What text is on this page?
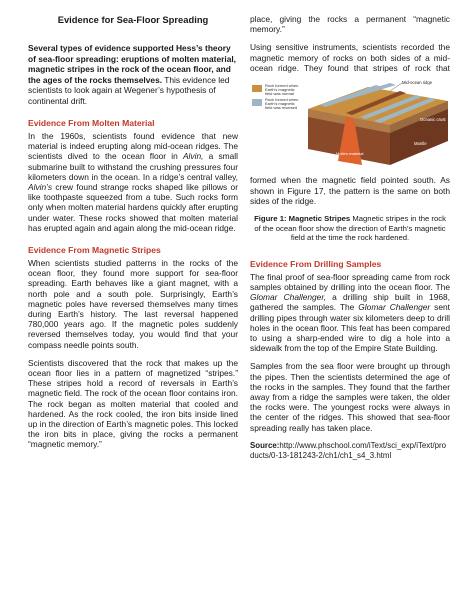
Evidence for Sea-Floor Spreading
Several types of evidence supported Hess’s theory of sea-floor spreading: eruptions of molten material, magnetic stripes in the rock of the ocean floor, and the ages of the rocks themselves. This evidence led scientists to look again at Wegener’s hypothesis of continental drift.
Evidence From Molten Material

In the 1960s, scientists found evidence that new material is indeed erupting along mid-ocean ridges. The scientists dived to the ocean floor in Alvin, a small submarine built to withstand the crushing pressures four kilometers down in the ocean. In a ridge’s central valley, Alvin’s crew found strange rocks shaped like pillows or like toothpaste squeezed from a tube. Such rocks form only when molten material hardens quickly after erupting under water. These rocks showed that molten material has erupted again and again along the mid-ocean ridge.

Evidence From Magnetic Stripes

When scientists studied patterns in the rocks of the ocean floor, they found more support for sea-floor spreading. Earth behaves like a giant magnet, with a north pole and a south pole. Surprisingly, Earth’s magnetic poles have reversed themselves many times during Earth’s history. The last reversal happened 780,000 years ago. If the magnetic poles suddenly reversed themselves today, you would find that your compass needle points south.

Scientists discovered that the rock that makes up the ocean floor lies in a pattern of magnetized “stripes.” These stripes hold a record of reversals in Earth’s magnetic field. The rock of the ocean floor contains iron. The rock began as molten material that cooled and hardened. As the rock cooled, the iron bits inside lined up in the direction of Earth’s magnetic poles. This locked the iron bits in place, giving the rocks a permanent “magnetic memory.”

place, giving the rocks a permanent “magnetic memory.”

Using sensitive instruments, scientists recorded the magnetic memory of rocks on both sides of a mid-ocean ridge. They found that stripes of rock that

Rock formed when Earth's magnetic field was normal
Rock formed when Earth's magnetic field was reversed
Mid-ocean ridge
Oceanic crust
Molten material
Mantle

formed when the magnetic field pointed south. As shown in Figure 17, the pattern is the same on both sides of the ridge.

Figure 1: Magnetic Stripes Magnetic stripes in the rock of the ocean floor show the direction of Earth’s magnetic field at the time the rock hardened.
Evidence From Drilling Samples

The final proof of sea-floor spreading came from rock samples obtained by drilling into the ocean floor. The Glomar Challenger, a drilling ship built in 1968, gathered the samples. The Glomar Challenger sent drilling pipes through water six kilometers deep to drill holes in the ocean floor. This feat has been compared to using a sharp-ended wire to dig a hole into a sidewalk from the top of the Empire State Building.

Samples from the sea floor were brought up through the pipes. Then the scientists determined the age of the rocks in the samples. They found that the farther away from a ridge the samples were taken, the older the rocks were. The youngest rocks were always in the center of the ridges. This showed that sea-floor spreading really has taken place.

Source:http://www.phschool.com/iText/sci_exp/iText/products/0-13-181243-2/ch1/ch1_s4_3.html
